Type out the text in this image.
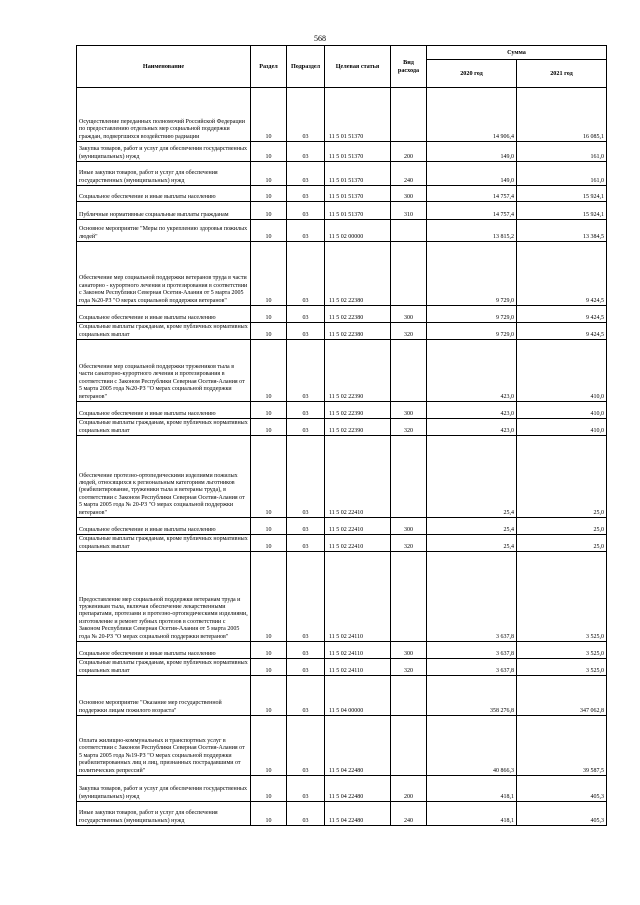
568
Наименование	Раздел	Подраздел	Целевая статья	Вид расхода	Сумма	
					2020 год	2021 год
Осуществление переданных полномочий Российской Федерации по предоставлению отдельных мер социальной поддержки граждан, подвергшихся воздействию радиации	10	03	11 5 01 51370		14 906,4	16 085,1
Закупка товаров, работ и услуг для обеспечения государственных (муниципальных) нужд	10	03	11 5 01 51370	200	149,0	161,0
Иные закупки товаров, работ и услуг для обеспечения государственных (муниципальных) нужд	10	03	11 5 01 51370	240	149,0	161,0
Социальное обеспечение и иные выплаты населению	10	03	11 5 01 51370	300	14 757,4	15 924,1
Публичные нормативные социальные выплаты гражданам	10	03	11 5 01 51370	310	14 757,4	15 924,1
Основное мероприятие "Меры по укреплению здоровья пожилых людей"	10	03	11 5 02 00000		13 815,2	13 384,5
Обеспечение мер социальной поддержки ветеранов труда в части санаторно - курортного лечения и протезирования в соответствии с Законом Республики Северная Осетия-Алания от 5 марта 2005 года №20-РЗ "О мерах социальной поддержки ветеранов"	10	03	11 5 02 22380		9 729,0	9 424,5
Социальное обеспечение и иные выплаты населению	10	03	11 5 02 22380	300	9 729,0	9 424,5
Социальные выплаты гражданам, кроме публичных нормативных социальных выплат	10	03	11 5 02 22380	320	9 729,0	9 424,5
Обеспечение мер социальной поддержки тружеников тыла в части санаторно-курортного лечения и протезирования в соответствии с Законом Республики Северная Осетия-Алания от 5 марта 2005 года №20-РЗ "О мерах социальной поддержки ветеранов"	10	03	11 5 02 22390		423,0	410,0
Социальное обеспечение и иные выплаты населению	10	03	11 5 02 22390	300	423,0	410,0
Социальные выплаты гражданам, кроме публичных нормативных социальных выплат	10	03	11 5 02 22390	320	423,0	410,0
Обеспечение протезно-ортопедическими изделиями пожилых людей, относящихся к региональным категориям льготников (реабилитирование, труженики тыла и ветераны труда), в соответствии с Законом Республики Северная Осетия-Алания от 5 марта 2005 года № 20-РЗ "О мерах социальной поддержки ветеранов"	10	03	11 5 02 22410		25,4	25,0
Социальное обеспечение и иные выплаты населению	10	03	11 5 02 22410	300	25,4	25,0
Социальные выплаты гражданам, кроме публичных нормативных социальных выплат	10	03	11 5 02 22410	320	25,4	25,0
Предоставление мер социальной поддержки ветеранам труда и труженикам тыла, включая обеспечение лекарственными препаратами, протезами и протезно-ортопедическими изделиями, изготовление и ремонт зубных протезов в соответствии с Законом Республики Северная Осетия-Алания от 5 марта 2005 года № 20-РЗ "О мерах социальной поддержки ветеранов"	10	03	11 5 02 24110		3 637,8	3 525,0
Социальное обеспечение и иные выплаты населению	10	03	11 5 02 24110	300	3 637,8	3 525,0
Социальные выплаты гражданам, кроме публичных нормативных социальных выплат	10	03	11 5 02 24110	320	3 637,8	3 525,0
Основное мероприятие "Оказание мер государственной поддержки лицам пожилого возраста"	10	03	11 5 04 00000		358 276,8	347 062,8
Оплата жилищно-коммунальных и транспортных услуг в соответствии с Законом Республики Северная Осетия-Алания от 5 марта 2005 года №19-РЗ "О мерах социальной поддержки реабилитированных лиц и лиц, признанных пострадавшими от политических репрессий"	10	03	11 5 04 22480		40 866,3	39 587,5
Закупка товаров, работ и услуг для обеспечения государственных (муниципальных) нужд	10	03	11 5 04 22480	200	418,1	405,3
Иные закупки товаров, работ и услуг для обеспечения государственных (муниципальных) нужд	10	03	11 5 04 22480	240	418,1	405,3
